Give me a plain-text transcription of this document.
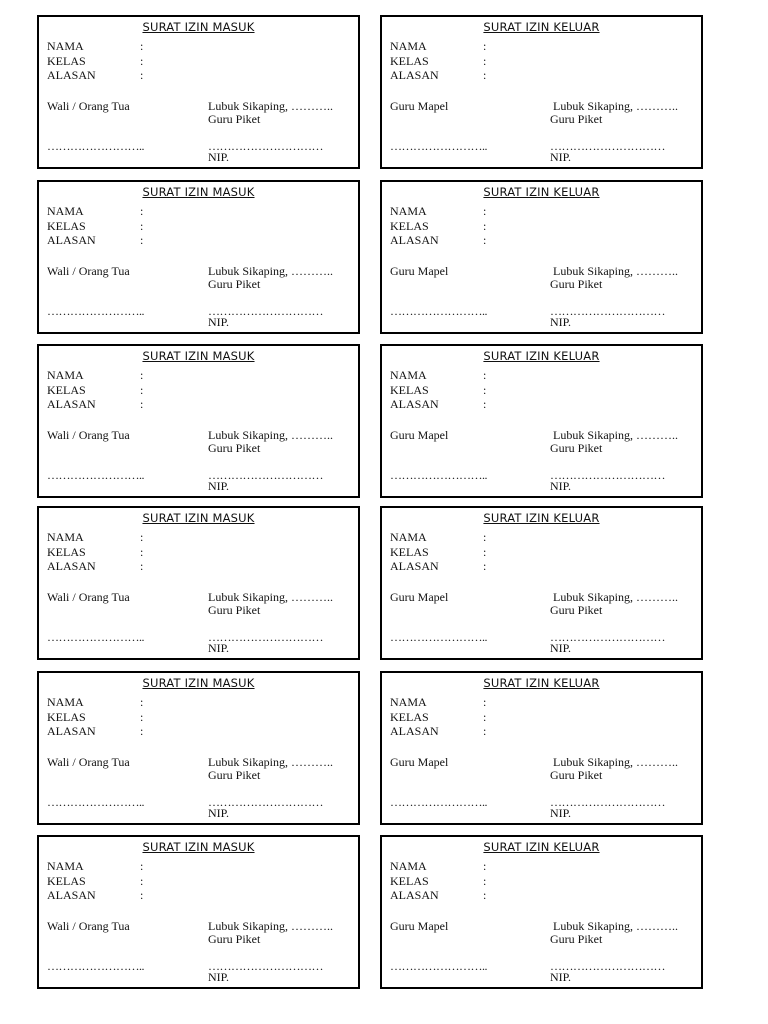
SURAT IZIN MASUK
NAMA	:
KELAS	:
ALASAN	:
Wali / Orang Tua	Lubuk Sikaping, ………..
Guru Piket
……………………..	…………………………
NIP.
SURAT IZIN KELUAR
NAMA	:
KELAS	:
ALASAN	:
Guru Mapel	Lubuk Sikaping, ………..
Guru Piket
……………………..	…………………………
NIP.
SURAT IZIN MASUK
NAMA	:
KELAS	:
ALASAN	:
Wali / Orang Tua	Lubuk Sikaping, ………..
Guru Piket
……………………..	…………………………
NIP.
SURAT IZIN KELUAR
NAMA	:
KELAS	:
ALASAN	:
Guru Mapel	Lubuk Sikaping, ………..
Guru Piket
……………………..	…………………………
NIP.
SURAT IZIN MASUK
NAMA	:
KELAS	:
ALASAN	:
Wali / Orang Tua	Lubuk Sikaping, ………..
Guru Piket
……………………..	…………………………
NIP.
SURAT IZIN KELUAR
NAMA	:
KELAS	:
ALASAN	:
Guru Mapel	Lubuk Sikaping, ………..
Guru Piket
……………………..	…………………………
NIP.
SURAT IZIN MASUK
NAMA	:
KELAS	:
ALASAN	:
Wali / Orang Tua	Lubuk Sikaping, ………..
Guru Piket
……………………..	…………………………
NIP.
SURAT IZIN KELUAR
NAMA	:
KELAS	:
ALASAN	:
Guru Mapel	Lubuk Sikaping, ………..
Guru Piket
……………………..	…………………………
NIP.
SURAT IZIN MASUK
NAMA	:
KELAS	:
ALASAN	:
Wali / Orang Tua	Lubuk Sikaping, ………..
Guru Piket
……………………..	…………………………
NIP.
SURAT IZIN KELUAR
NAMA	:
KELAS	:
ALASAN	:
Guru Mapel	Lubuk Sikaping, ………..
Guru Piket
……………………..	…………………………
NIP.
SURAT IZIN MASUK
NAMA	:
KELAS	:
ALASAN	:
Wali / Orang Tua	Lubuk Sikaping, ………..
Guru Piket
……………………..	…………………………
NIP.
SURAT IZIN KELUAR
NAMA	:
KELAS	:
ALASAN	:
Guru Mapel	Lubuk Sikaping, ………..
Guru Piket
……………………..	…………………………
NIP.
